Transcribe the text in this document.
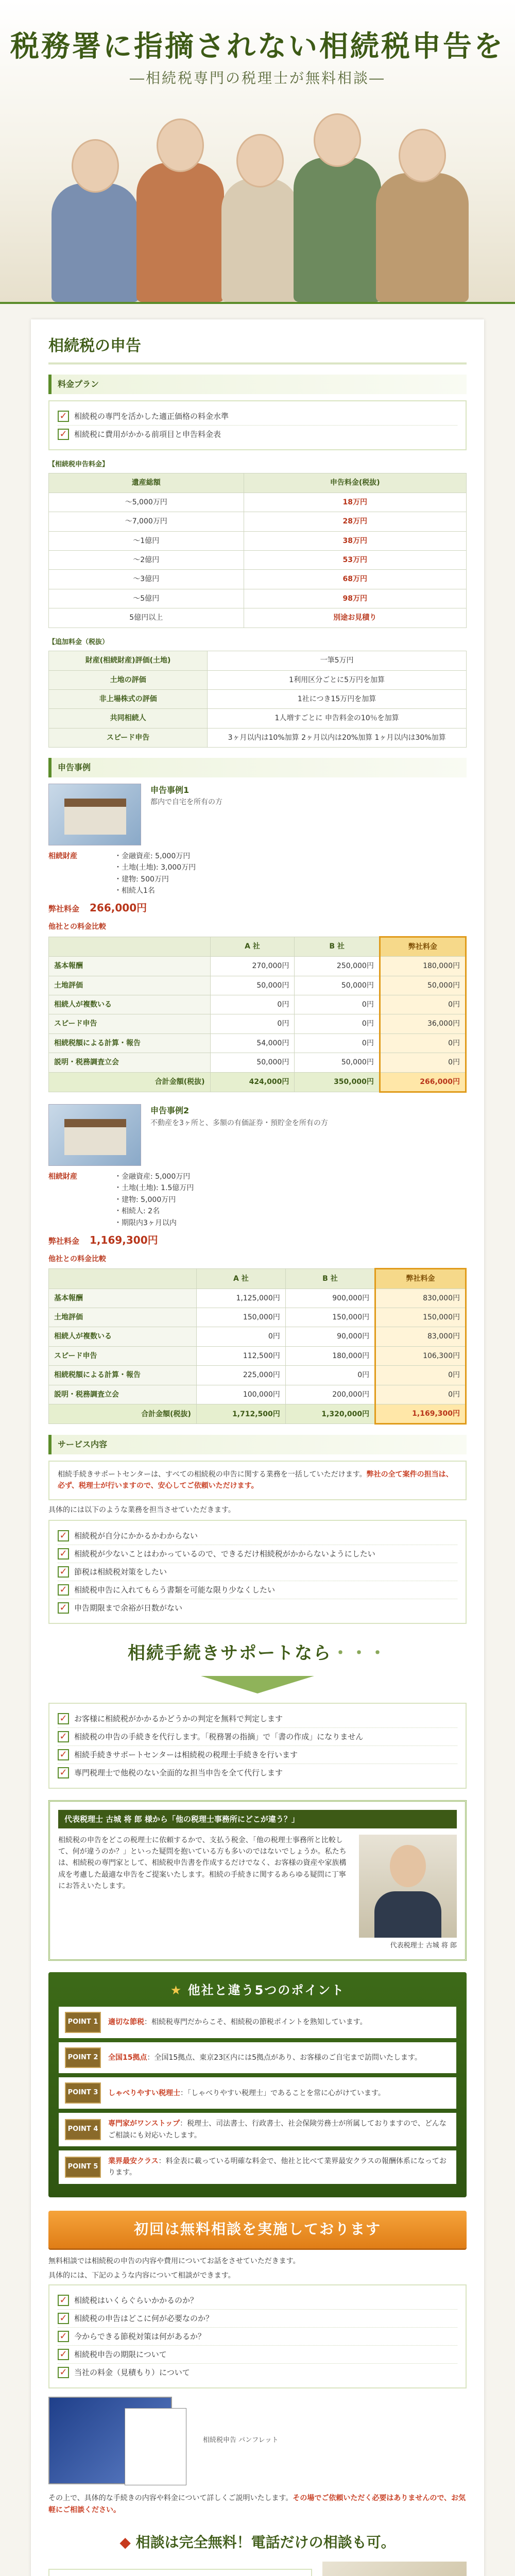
税務署に指摘されない相続税申告を
―相続税専門の税理士が無料相談―
相続税の申告
料金プラン
✓ 相続税の専門を活かした適正価格の料金水準
✓ 相続税に費用がかかる前項目と申告料金表
【相続税申告料金】
遺産総額	申告料金(税抜)
～5,000万円	18万円
～7,000万円	28万円
～1億円	38万円
～2億円	53万円
～3億円	68万円
～5億円	98万円
5億円以上	別途お見積り
【追加料金（税抜）
財産(相続財産)評価(土地)	一筆5万円
土地の評価	1利用区分ごとに5万円を加算
非上場株式の評価	1社につき15万円を加算
共同相続人	1人増すごとに 申告料金の10％を加算
スピード申告	3ヶ月以内は10%加算 2ヶ月以内は20%加算 1ヶ月以内は30%加算
申告事例
申告事例1
都内で自宅を所有の方
相続財産	・ 金融資産: 5,000万円
・ 土地(土地): 3,000万円
・ 建物: 500万円
・ 相続人1名
弊社料金 266,000円
他社との料金比較
	A 社	B 社	弊社料金
基本報酬	270,000円	250,000円	180,000円
土地評価	50,000円	50,000円	50,000円
相続人が複数いる	0円	0円	0円
スピード申告	0円	0円	36,000円
相続税額による計算・報告	54,000円	0円	0円
説明・税務調査立会	50,000円	50,000円	0円
合計金額(税抜)	424,000円	350,000円	266,000円
申告事例2
不動産を3ヶ所と、多額の有価証券・預貯金を所有の方
相続財産	・ 金融資産: 5,000万円
・ 土地(土地): 1.5億万円
・ 建物: 5,000万円
・ 相続人: 2名
・ 期限内3ヶ月以内
弊社料金 1,169,300円
他社との料金比較
	A 社	B 社	弊社料金
基本報酬	1,125,000円	900,000円	830,000円
土地評価	150,000円	150,000円	150,000円
相続人が複数いる	0円	90,000円	83,000円
スピード申告	112,500円	180,000円	106,300円
相続税額による計算・報告	225,000円	0円	0円
説明・税務調査立会	100,000円	200,000円	0円
合計金額(税抜)	1,712,500円	1,320,000円	1,169,300円
サービス内容
相続手続きサポートセンターは、すべての相続税の申告に関する業務を一括していただけます。弊社の全て案件の担当は、必ず、税理士が行いますので、安心してご依頼いただけます。

具体的には以下のような業務を担当させていただきます。

✓ 相続税が自分にかかるかわからない
✓ 相続税が少ないことはわかっているので、できるだけ相続税がかからないようにしたい
✓ 節税は相続税対策をしたい
✓ 相続税申告に入れてもらう書類を可能な限り少なくしたい
✓ 申告期限まで余裕が日数がない
相続手続きサポートなら・・・
✓ お客様に相続税がかかるかどうかの判定を無料で判定します
✓ 相続税の申告の手続きを代行します。「税務署の指摘」で「書の作成」になりません
✓ 相続手続きサポートセンターは相続税の税理士手続きを行います
✓ 専門税理士で他税のない全面的な担当申告を全て代行します
代表税理士 古城 将 郎 様から「他の税理士事務所にどこが違う？」

相続税の申告をどこの税理士に依頼するかで、支払う税金、「他の税理士事務所と比較して、何が違うのか？」といった疑問を抱いている方も多いのではないでしょうか。私たちは、相続税の専門家として、相続税申告書を作成するだけでなく、お客様の資産や家族構成を考慮した最適な申告をご提案いたします。相続の手続きに関するあらゆる疑問に丁寧にお答えいたします。

代表税理士 古城 将 郎
★ 他社と違う5つのポイント
POINT 1	適切な節税：相続税専門だからこそ、相続税の節税ポイントを熟知しています。
POINT 2	全国15拠点：全国15拠点、東京23区内には5拠点があり、お客様のご自宅まで訪問いたします。
POINT 3	しゃべりやすい税理士：「しゃべりやすい税理士」であることを常に心がけています。
POINT 4
専門家がワンストップ：税理士、司法書士、行政書士、社会保険労務士が所属しておりますので、どんなご相談にも対応いたします。
POINT 5
業界最安クラス：料金表に載っている明確な料金で、他社と比べて業界最安クラスの報酬体系になっております。
初回は無料相談を実施しております

無料相談では相続税の申告の内容や費用についてお話をさせていただきます。

具体的には、下記のような内容について相談ができます。

✓ 相続税はいくらぐらいかかるのか？
✓ 相続税の申告はどこに何が必要なのか？
✓ 今からできる節税対策は何があるか？
✓ 相続税申告の期限について
✓ 当社の料金（見積もり）について
相続税申告 パンフレット
その上で、具体的な手続きの内容や料金について詳しくご説明いたします。その場でご依頼いただく必要はありませんので、お気軽にご相談ください。
◆ 相談は完全無料！電話だけの相談も可。
